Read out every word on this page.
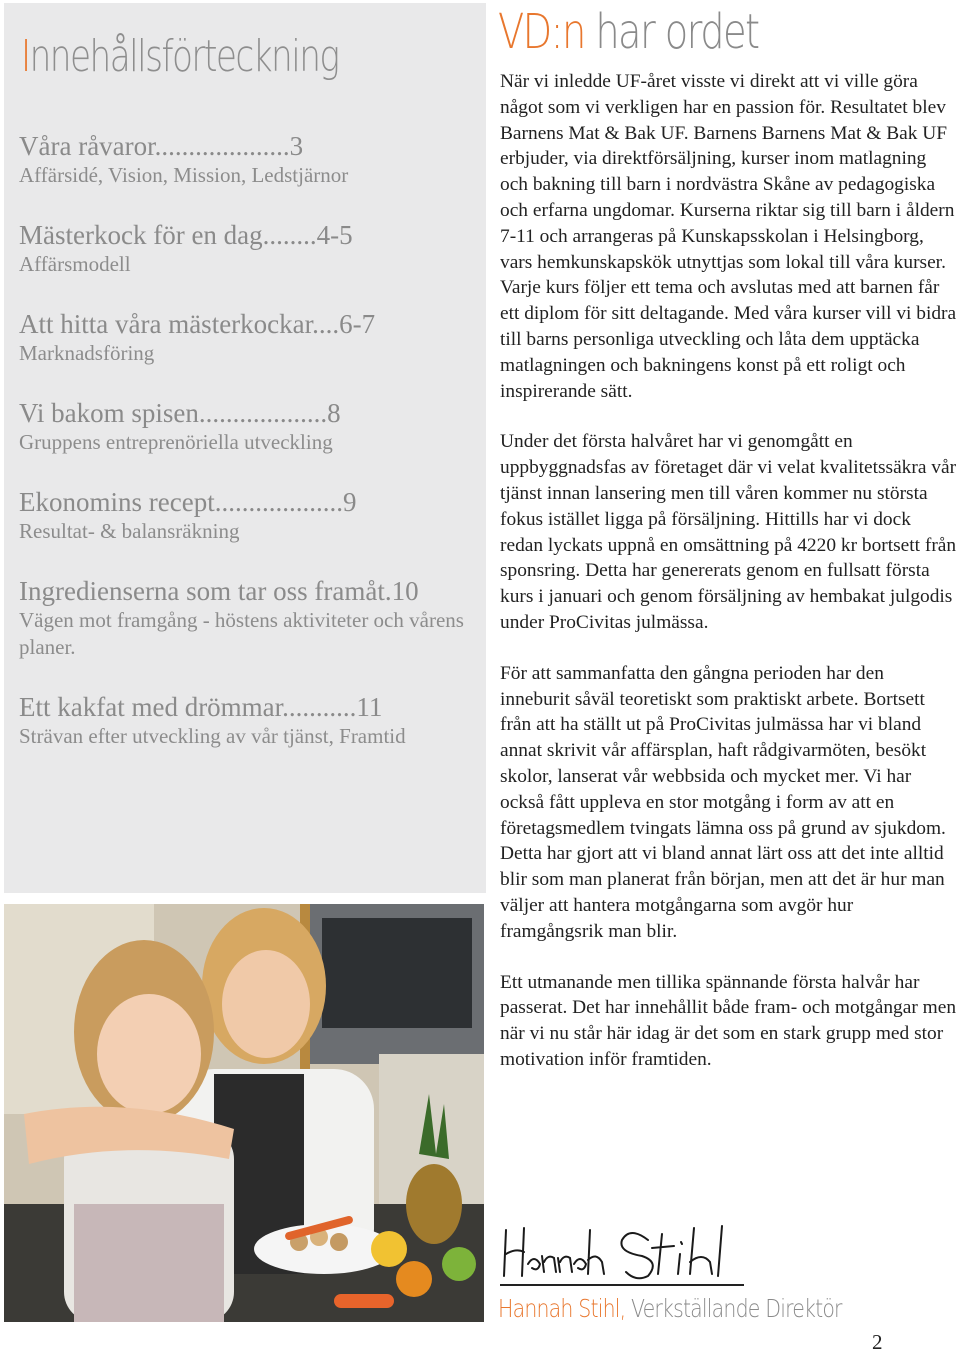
Innehållsförteckning
Våra råvaror....................3
Affärsidé, Vision, Mission, Ledstjärnor
Mästerkock för en dag........4-5
Affärsmodell
Att hitta våra mästerkockar....6-7
Marknadsföring
Vi bakom spisen...................8
Gruppens entreprenöriella utveckling
Ekonomins recept...................9
Resultat- & balansräkning
Ingredienserna som tar oss framåt.10
Vägen mot framgång - höstens aktiviteter och vårens planer.
Ett kakfat med drömmar...........11
Strävan efter utveckling av vår tjänst, Framtid
VD:n har ordet

När vi inledde UF-året visste vi direkt att vi ville göra något som vi verkligen har en passion för. Resultatet blev Barnens Mat & Bak UF. Barnens Barnens Mat & Bak UF erbjuder, via direktförsäljning, kurser inom matlagning och bakning till barn i nordvästra Skåne av pedagogiska och erfarna ungdomar. Kurserna riktar sig till barn i åldern 7-11 och arrangeras på Kunskapsskolan i Helsingborg, vars hemkunskapskök utnyttjas som lokal till våra kurser. Varje kurs följer ett tema och avslutas med att barnen får ett diplom för sitt deltagande. Med våra kurser vill vi bidra till barns personliga utveckling och låta dem upptäcka matlagningen och bakningens konst på ett roligt och inspirerande sätt.

Under det första halvåret har vi genomgått en uppbyggnadsfas av företaget där vi velat kvalitetssäkra vår tjänst innan lansering men till våren kommer nu största fokus istället ligga på försäljning. Hittills har vi dock redan lyckats uppnå en omsättning på 4220 kr bortsett från sponsring. Detta har genererats genom en fullsatt första kurs i januari och genom försäljning av hembakat julgodis under ProCivitas julmässa.

För att sammanfatta den gångna perioden har den inneburit såväl teoretiskt som praktiskt arbete. Bortsett från att ha ställt ut på ProCivitas julmässa har vi bland annat skrivit vår affärsplan, haft rådgivarmöten, besökt skolor, lanserat vår webbsida och mycket mer. Vi har också fått uppleva en stor motgång i form av att en företagsmedlem tvingats lämna oss på grund av sjukdom. Detta har gjort att vi bland annat lärt oss att det inte alltid blir som man planerat från början, men att det är hur man väljer att hantera motgångarna som avgör hur framgångsrik man blir.

Ett utmanande men tillika spännande första halvår har passerat. Det har innehållit både fram- och motgångar men när vi nu står här idag är det som en stark grupp med stor motivation inför framtiden.

Hannah Stihl, Verkställande Direktör

2
